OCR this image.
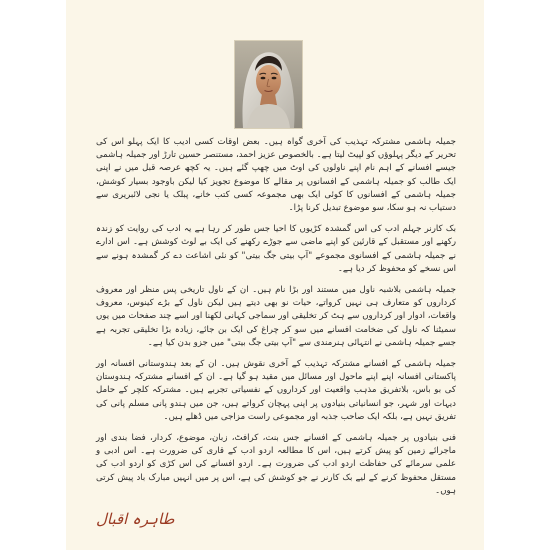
جمیلہ ہاشمی مشترکہ تہذیب کی آخری گواہ ہیں۔ بعض اوقات کسی ادیب کا ایک پہلو اس کی تحریر کے دیگر پہلوؤں کو لپیٹ لیتا ہے۔ بالخصوص عزیز احمد، مستنصر حسین تارڑ اور جمیلہ ہاشمی جیسے افسانے کے اہم نام اپنے ناولوں کی اوٹ میں چھپ گئے ہیں۔ یہ کچھ عرصہ قبل میں نے اپنی ایک طالب کو جمیلہ ہاشمی کے افسانوں پر مقالے کا موضوع تجویز کیا لیکن باوجود بسیار کوشش، جمیلہ ہاشمی کے افسانوں کا کوئی ایک بھی مجموعہ کسی کتب خانے، پبلک یا نجی لائبریری سے دستیاب نہ ہو سکا، سو موضوع تبدیل کرنا پڑا۔

بک کارنر جہلم ادب کی اس گمشدہ کڑیوں کا احیا جس طور کر رہا ہے یہ ادب کی روایت کو زندہ رکھنے اور مستقبل کے قارئین کو اپنے ماضی سے جوڑے رکھنے کی ایک بے لوث کوشش ہے۔ اس ادارے نے جمیلہ ہاشمی کے افسانوی مجموعے "آپ بیتی جگ بیتی" کو نئی اشاعت دے کر گمشدہ ہونے سے اس نسخے کو محفوظ کر دیا ہے۔

جمیلہ ہاشمی بلاشبہ ناول میں مستند اور بڑا نام ہیں۔ ان کے ناول تاریخی پس منظر اور معروف کرداروں کو متعارف ہی نہیں کرواتے، حیات نو بھی دیتے ہیں لیکن ناول کے بڑے کینوس، معروف واقعات، ادوار اور کرداروں سے ہٹ کر تخلیقی اور سماجی کہانی لکھنا اور اسے چند صفحات میں یوں سمیٹنا کہ ناول کی ضخامت افسانے میں سو کر چراغ کی ایک بن جائے، زیادہ بڑا تخلیقی تجربہ ہے جسے جمیلہ ہاشمی نے انتہائی ہنرمندی سے "آپ بیتی جگ بیتی" میں جزو بدن کیا ہے۔

جمیلہ ہاشمی کے افسانے مشترکہ تہذیب کے آخری نقوش ہیں۔ ان کے بعد ہندوستانی افسانہ اور پاکستانی افسانہ اپنے اپنے ماحول اور مسائل میں مقید ہو گیا ہے۔ ان کے افسانے مشترکہ ہندوستان کی بو باس، بلاتفریق مذہب واقعیت اور کرداروں کے نفسیاتی تجربے ہیں۔ مشترکہ کلچر کے حامل دیہات اور شہر، جو انسانیاتی بنیادوں پر اپنی پہچان کرواتے ہیں، جن میں ہندو پانی مسلم پانی کی تفریق نہیں ہے، بلکہ ایک صاحب جذبہ اور مجموعی راست مزاجی میں ڈھلے ہیں۔

فنی بنیادوں پر جمیلہ ہاشمی کے افسانے جس بنت، کرافٹ، زبان، موضوع، کردار، فضا بندی اور ماجرائے زمین کو پیش کرتے ہیں، اس کا مطالعہ اردو ادب کے قاری کی ضرورت ہے۔ اس ادبی و علمی سرمائے کی حفاظت اردو ادب کی ضرورت ہے۔ اردو افسانے کی اس کڑی کو اردو ادب کی مستقل محفوظ کرنے کے لیے بک کارنر نے جو کوشش کی ہے، اس پر میں انہیں مبارک باد پیش کرتی ہوں۔

طاہرہ اقبال
